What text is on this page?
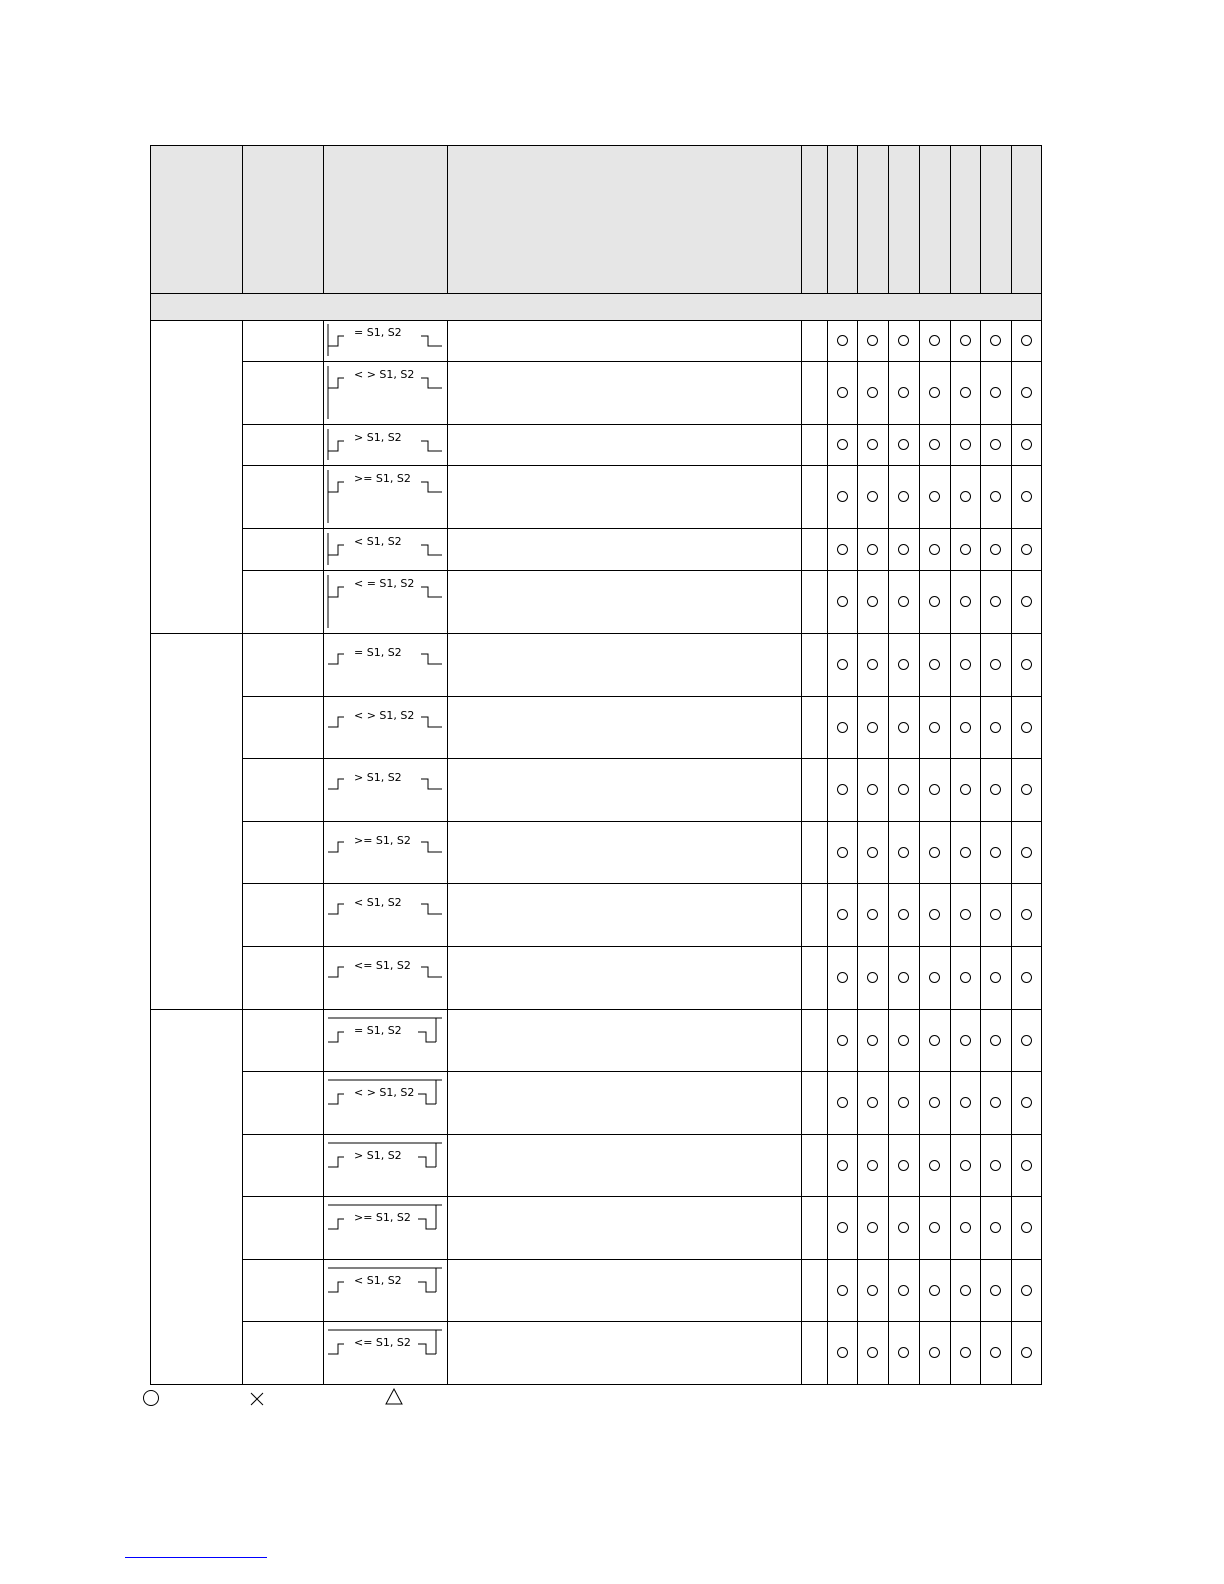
= S1, S2
< > S1, S2
> S1, S2
>= S1, S2
< S1, S2
< = S1, S2
= S1, S2
< > S1, S2
> S1, S2
>= S1, S2
< S1, S2
<= S1, S2
= S1, S2
< > S1, S2
> S1, S2
>= S1, S2
< S1, S2
<= S1, S2
